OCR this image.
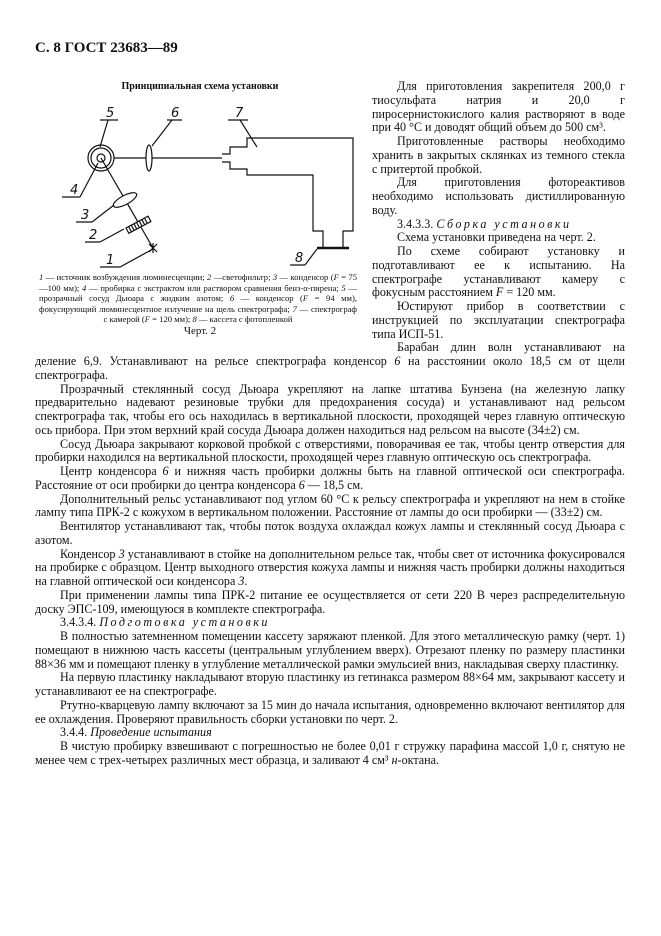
С. 8 ГОСТ 23683—89
Принципиальная схема установки
4
3
2
1
5	6	7
8
1 — источник возбуждения люминесценции; 2 —светофильтр; 3 — конденсор (F = 75—100 мм); 4 — пробирка с экстрактом или раствором сравнения бенз-α-пирена; 5 — прозрачный сосуд Дьюара с жидким азотом; 6 — конденсор (F = 94 мм), фокусирующий люминесцентное излучение на щель спектрографа; 7 — спектрограф с камерой (F = 120 мм); 8 — кассета с фотопленкой
Черт. 2

Для приготовления закрепителя 200,0 г тиосульфата натрия и 20,0 г пиросернистокислого калия растворяют в воде при 40 °С и доводят общий объем до 500 см³.

Приготовленные растворы необходимо хранить в закрытых склянках из темного стекла с притертой пробкой.

Для приготовления фотореактивов необходимо использовать дистиллированную воду.

3.4.3.3. Сборка установки

Схема установки приведена на черт. 2.

По схеме собирают установку и подготавливают ее к испытанию. На спектрографе устанавливают камеру с фокусным расстоянием F = 120 мм.

Юстируют прибор в соответствии с инструкцией по эксплуатации спектрографа типа ИСП-51.

Барабан длин волн устанавливают на деление 6,9. Устанавливают на рельсе спектрографа конденсор 6 на расстоянии около 18,5 см от щели спектрографа.

Прозрачный стеклянный сосуд Дьюара укрепляют на лапке штатива Бунзена (на железную лапку предварительно надевают резиновые трубки для предохранения сосуда) и устанавливают над рельсом спектрографа так, чтобы его ось находилась в вертикальной плоскости, проходящей через главную оптическую ось прибора. При этом верхний край сосуда Дьюара должен находиться над рельсом на высоте (34±2) см.

Сосуд Дьюара закрывают корковой пробкой с отверстиями, поворачивая ее так, чтобы центр отверстия для пробирки находился на вертикальной плоскости, проходящей через главную оптическую ось спектрографа.

Центр конденсора 6 и нижняя часть пробирки должны быть на главной оптической оси спектрографа. Расстояние от оси пробирки до центра конденсора 6 — 18,5 см.

Дополнительный рельс устанавливают под углом 60 °С к рельсу спектрографа и укрепляют на нем в стойке лампу типа ПРК-2 с кожухом в вертикальном положении. Расстояние от лампы до оси пробирки — (33±2) см.

Вентилятор устанавливают так, чтобы поток воздуха охлаждал кожух лампы и стеклянный сосуд Дьюара с азотом.

Конденсор 3 устанавливают в стойке на дополнительном рельсе так, чтобы свет от источника фокусировался на пробирке с образцом. Центр выходного отверстия кожуха лампы и нижняя часть пробирки должны находиться на главной оптической оси конденсора 3.

При применении лампы типа ПРК-2 питание ее осуществляется от сети 220 В через распределительную доску ЭПС-109, имеющуюся в комплекте спектрографа.

3.4.3.4. Подготовка установки

В полностью затемненном помещении кассету заряжают пленкой. Для этого металлическую рамку (черт. 1) помещают в нижнюю часть кассеты (центральным углублением вверх). Отрезают пленку по размеру пластинки 88×36 мм и помещают пленку в углубление металлической рамки эмульсией вниз, накладывая сверху пластинку.

На первую пластинку накладывают вторую пластинку из гетинакса размером 88×64 мм, закрывают кассету и устанавливают ее на спектрографе.

Ртутно-кварцевую лампу включают за 15 мин до начала испытания, одновременно включают вентилятор для ее охлаждения. Проверяют правильность сборки установки по черт. 2.

3.4.4. Проведение испытания

В чистую пробирку взвешивают с погрешностью не более 0,01 г стружку парафина массой 1,0 г, снятую не менее чем с трех-четырех различных мест образца, и заливают 4 см³ н-октана.
